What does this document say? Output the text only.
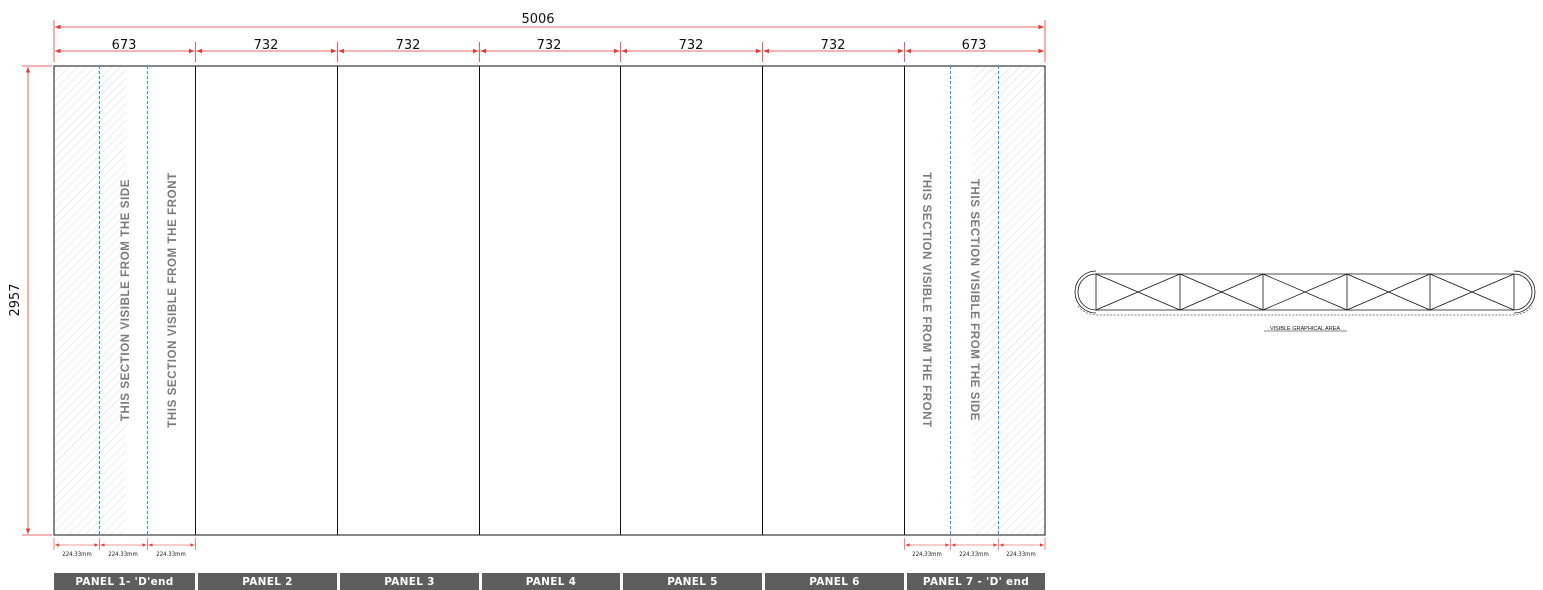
5006
673	732	732	732	732	732	673
2957	THIS SECTION VISIBLE FROM THE SIDE	THIS SECTION VISIBLE FROM THE FRONT	THIS SECTION VISIBLE FROM THE FRONT	THIS SECTION VISIBLE FROM THE SIDE
224.33mm	224.33mm	224.33mm	224.33mm	224.33mm	224.33mm
VISIBLE GRAPHICAL AREA
PANEL 1- 'D'end	PANEL 2	PANEL 3	PANEL 4	PANEL 5	PANEL 6	PANEL 7 - 'D' end
